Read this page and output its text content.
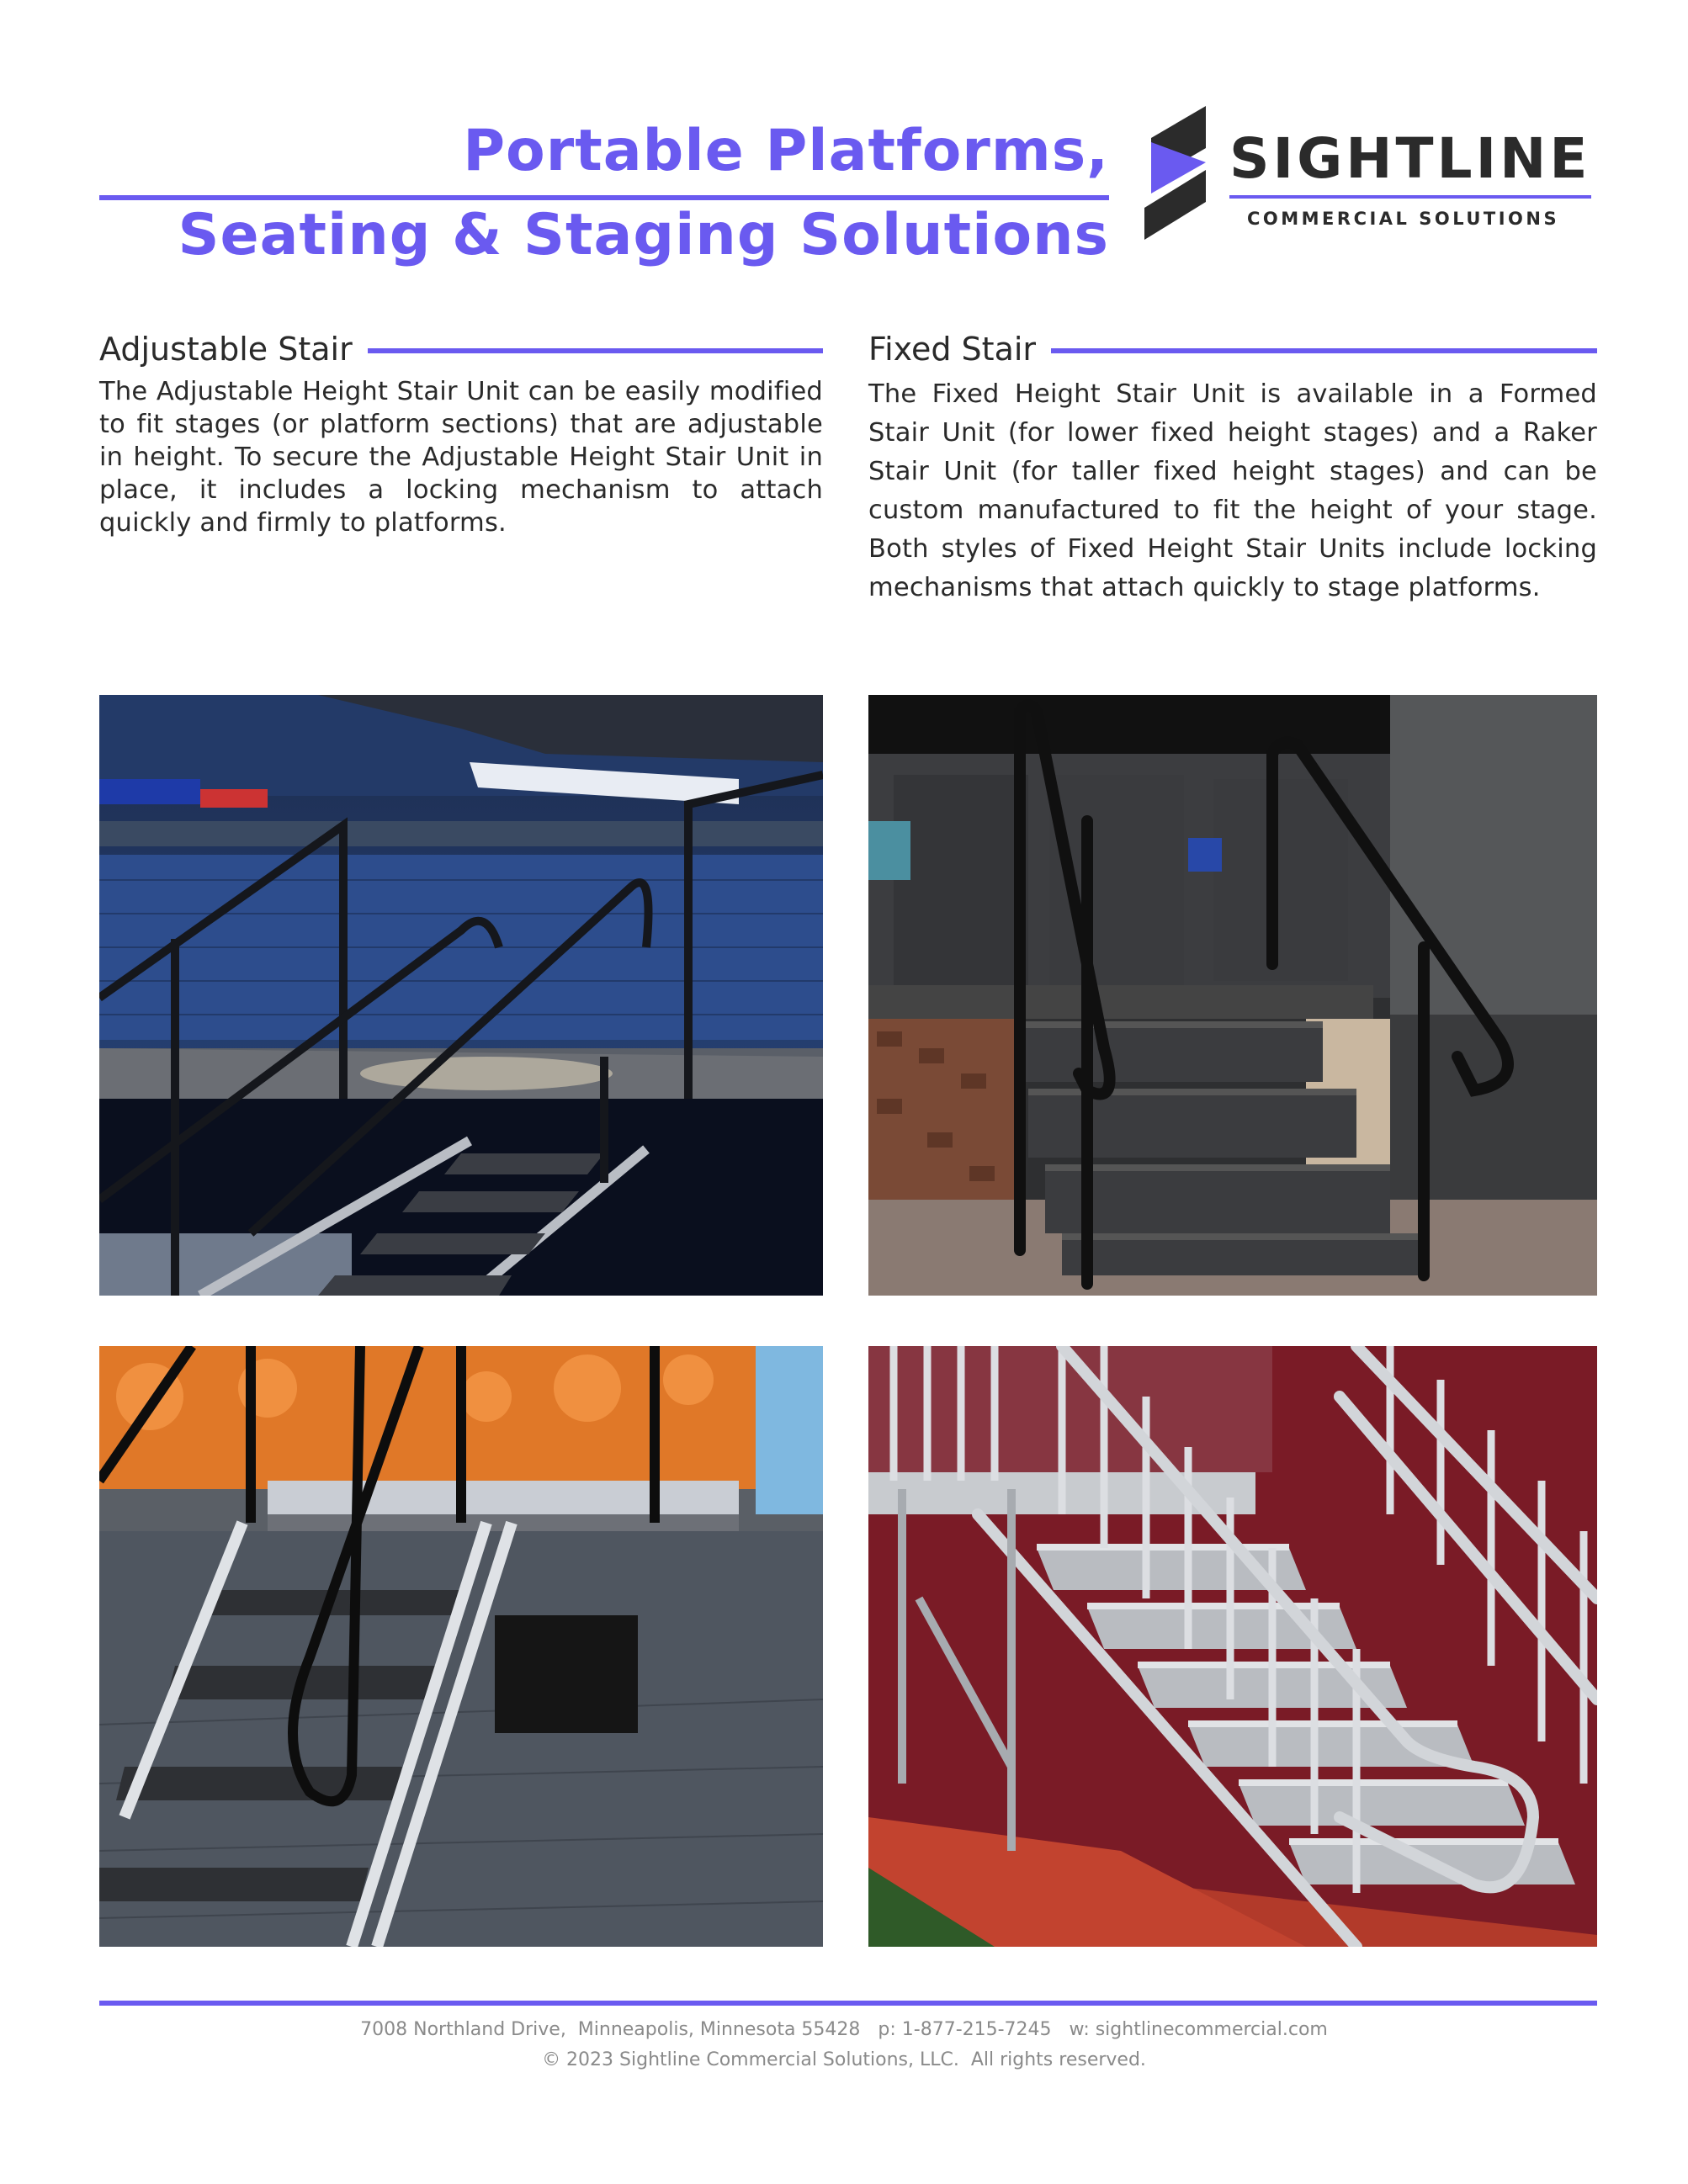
Portable Platforms,
Seating & Staging Solutions
SIGHTLINE
COMMERCIAL SOLUTIONS
Adjustable Stair

The Adjustable Height Stair Unit can be easily modified to fit stages (or platform sections) that are adjustable in height. To secure the Adjustable Height Stair Unit in place, it includes a locking mechanism to attach quickly and firmly to platforms.

Fixed Stair

The Fixed Height Stair Unit is available in a Formed Stair Unit (for lower fixed height stages) and a Raker Stair Unit (for taller fixed height stages) and can be custom manufactured to fit the height of your stage. Both styles of Fixed Height Stair Units include locking mechanisms that attach quickly to stage platforms.

7008 Northland Drive,  Minneapolis, Minnesota 55428   p: 1-877-215-7245   w: sightlinecommercial.com
© 2023 Sightline Commercial Solutions, LLC.  All rights reserved.
